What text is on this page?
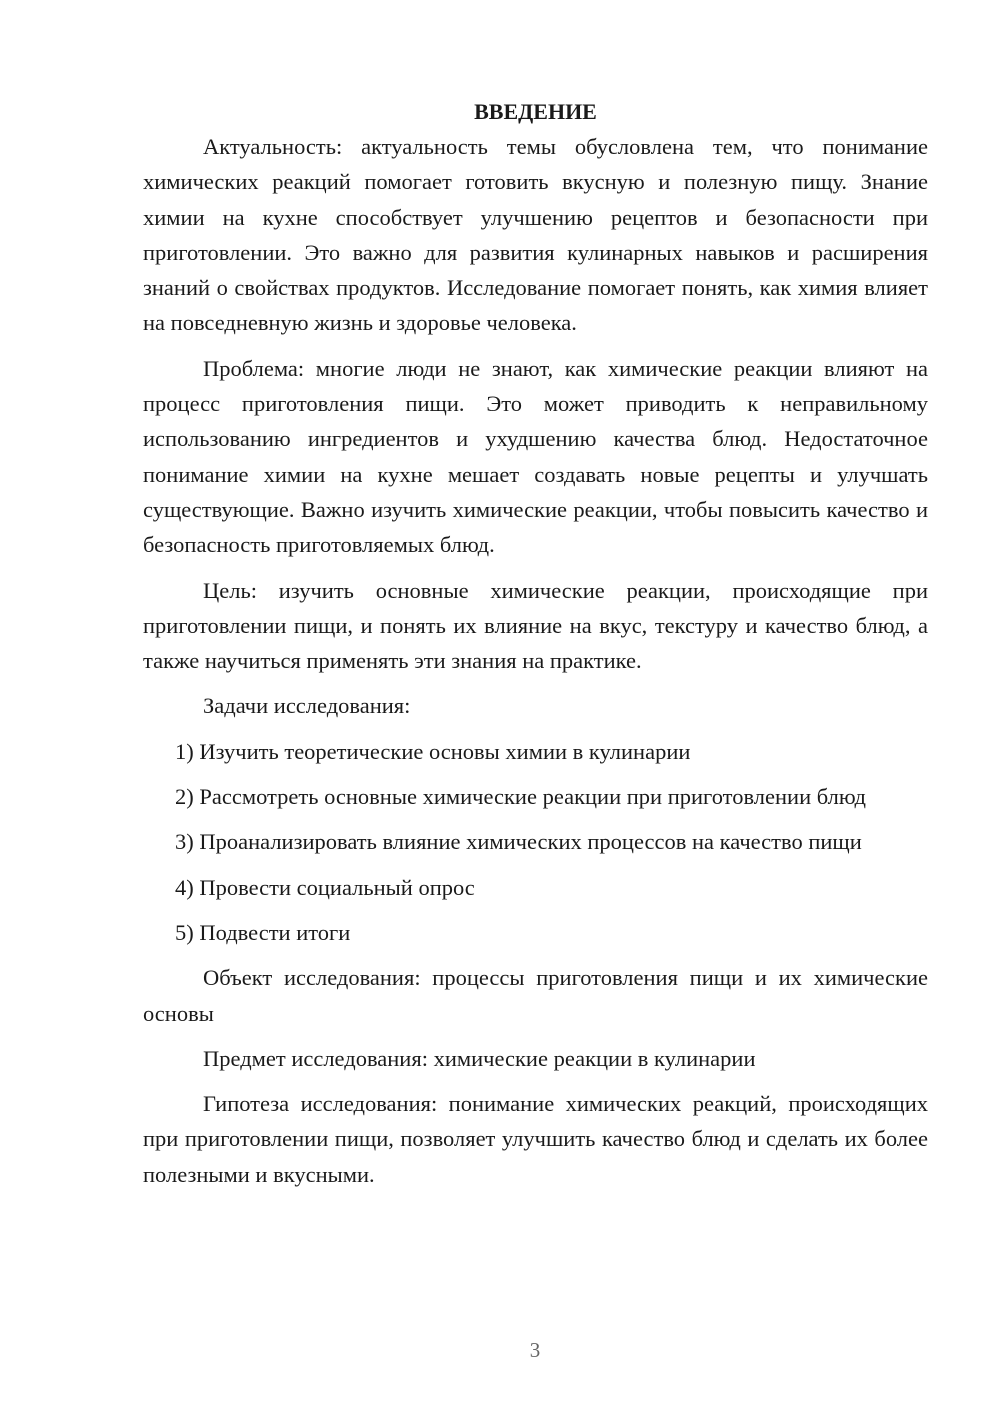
ВВЕДЕНИЕ

Актуальность: актуальность темы обусловлена тем, что понимание химических реакций помогает готовить вкусную и полезную пищу. Знание химии на кухне способствует улучшению рецептов и безопасности при приготовлении. Это важно для развития кулинарных навыков и расширения знаний о свойствах продуктов. Исследование помогает понять, как химия влияет на повседневную жизнь и здоровье человека.

Проблема: многие люди не знают, как химические реакции влияют на процесс приготовления пищи. Это может приводить к неправильному использованию ингредиентов и ухудшению качества блюд. Недостаточное понимание химии на кухне мешает создавать новые рецепты и улучшать существующие. Важно изучить химические реакции, чтобы повысить качество и безопасность приготовляемых блюд.

Цель: изучить основные химические реакции, происходящие при приготовлении пищи, и понять их влияние на вкус, текстуру и качество блюд, а также научиться применять эти знания на практике.

Задачи исследования:

1) Изучить теоретические основы химии в кулинарии

2) Рассмотреть основные химические реакции при приготовлении блюд

3) Проанализировать влияние химических процессов на качество пищи

4) Провести социальный опрос

5) Подвести итоги

Объект исследования: процессы приготовления пищи и их химические основы

Предмет исследования: химические реакции в кулинарии

Гипотеза исследования: понимание химических реакций, происходящих при приготовлении пищи, позволяет улучшить качество блюд и сделать их более полезными и вкусными.

3
